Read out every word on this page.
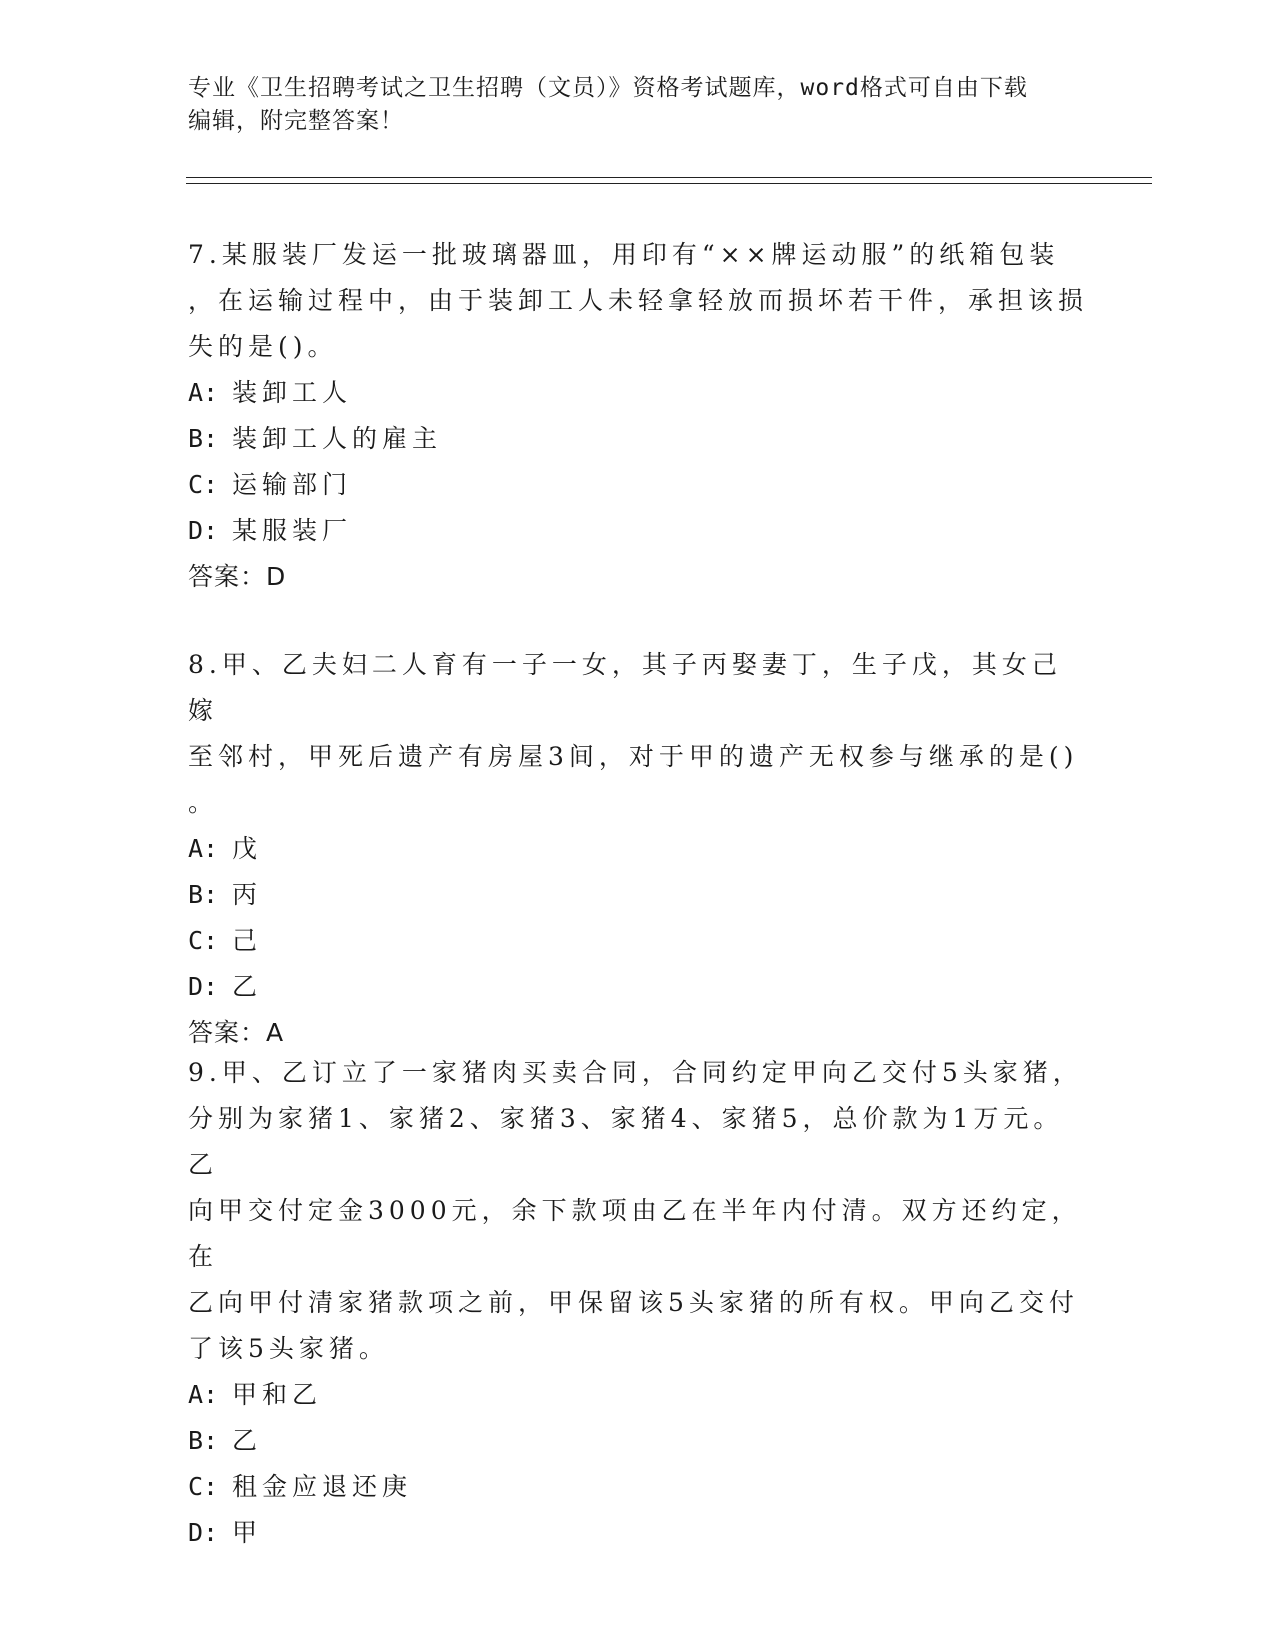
专业《卫生招聘考试之卫生招聘（文员）》资格考试题库，word格式可自由下载
编辑，附完整答案！
7.某服装厂发运一批玻璃器皿，用印有“××牌运动服”的纸箱包装
，在运输过程中，由于装卸工人未轻拿轻放而损坏若干件，承担该损
失的是()。
A: 装卸工人
B: 装卸工人的雇主
C: 运输部门
D: 某服装厂
答案：D
8.甲、乙夫妇二人育有一子一女，其子丙娶妻丁，生子戊，其女己嫁
至邻村，甲死后遗产有房屋3间，对于甲的遗产无权参与继承的是()
。
A: 戊
B: 丙
C: 己
D: 乙
答案：A
9.甲、乙订立了一家猪肉买卖合同，合同约定甲向乙交付5头家猪，
分别为家猪1、家猪2、家猪3、家猪4、家猪5，总价款为1万元。乙
向甲交付定金3000元，余下款项由乙在半年内付清。双方还约定，在
乙向甲付清家猪款项之前，甲保留该5头家猪的所有权。甲向乙交付
了该5头家猪。
A: 甲和乙
B: 乙
C: 租金应退还庚
D: 甲
